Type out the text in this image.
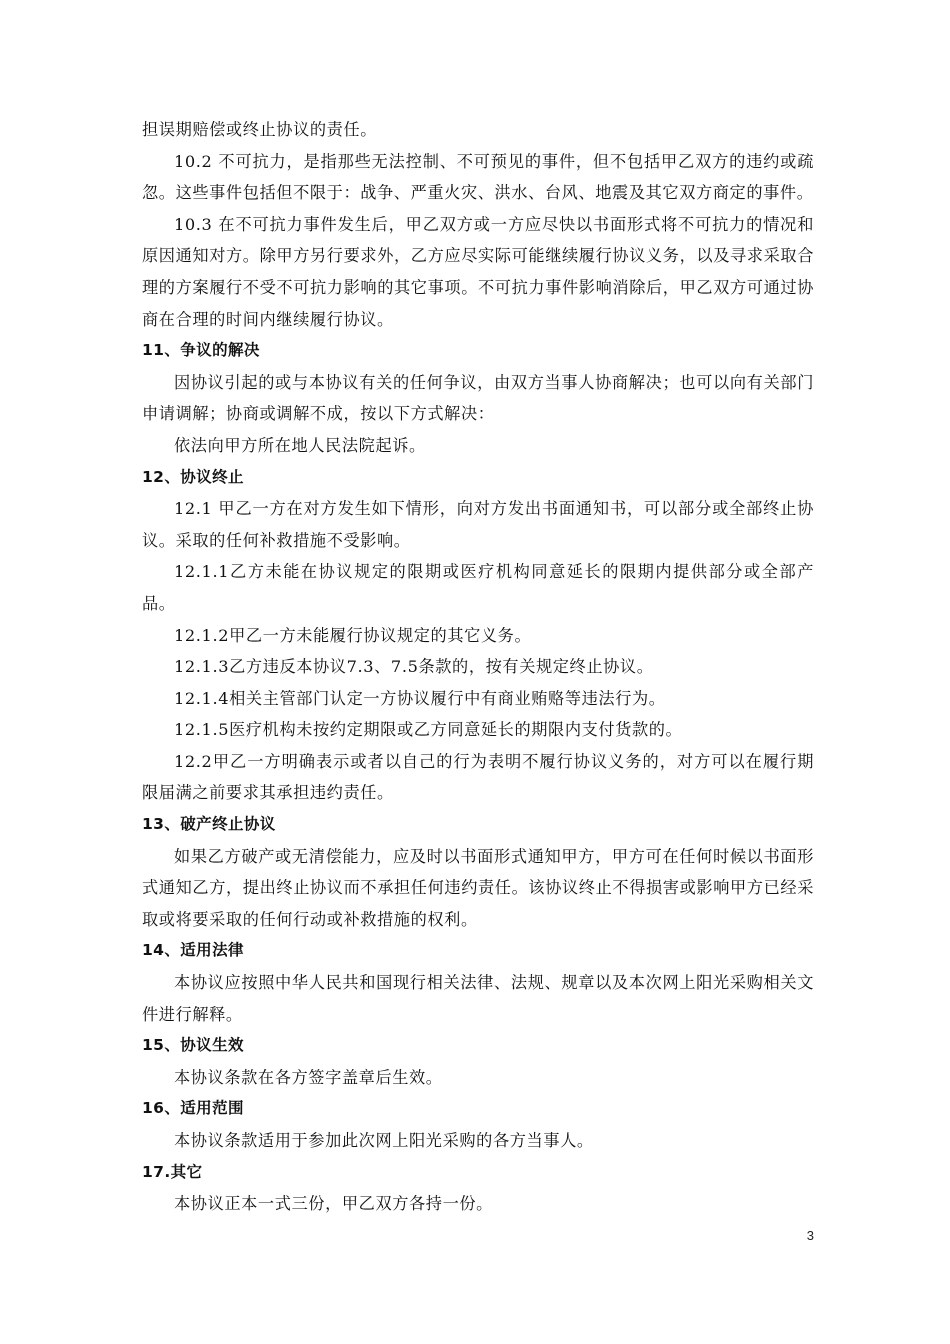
担误期赔偿或终止协议的责任。

10.2 不可抗力，是指那些无法控制、不可预见的事件，但不包括甲乙双方的违约或疏忽。这些事件包括但不限于：战争、严重火灾、洪水、台风、地震及其它双方商定的事件。

10.3 在不可抗力事件发生后，甲乙双方或一方应尽快以书面形式将不可抗力的情况和原因通知对方。除甲方另行要求外，乙方应尽实际可能继续履行协议义务，以及寻求采取合理的方案履行不受不可抗力影响的其它事项。不可抗力事件影响消除后，甲乙双方可通过协商在合理的时间内继续履行协议。

11、争议的解决

因协议引起的或与本协议有关的任何争议，由双方当事人协商解决；也可以向有关部门申请调解；协商或调解不成，按以下方式解决：

依法向甲方所在地人民法院起诉。

12、协议终止

12.1 甲乙一方在对方发生如下情形，向对方发出书面通知书，可以部分或全部终止协议。采取的任何补救措施不受影响。

12.1.1乙方未能在协议规定的限期或医疗机构同意延长的限期内提供部分或全部产品。

12.1.2甲乙一方未能履行协议规定的其它义务。

12.1.3乙方违反本协议7.3、7.5条款的，按有关规定终止协议。

12.1.4相关主管部门认定一方协议履行中有商业贿赂等违法行为。

12.1.5医疗机构未按约定期限或乙方同意延长的期限内支付货款的。

12.2甲乙一方明确表示或者以自己的行为表明不履行协议义务的，对方可以在履行期限届满之前要求其承担违约责任。

13、破产终止协议

如果乙方破产或无清偿能力，应及时以书面形式通知甲方，甲方可在任何时候以书面形式通知乙方，提出终止协议而不承担任何违约责任。该协议终止不得损害或影响甲方已经采取或将要采取的任何行动或补救措施的权利。

14、适用法律

本协议应按照中华人民共和国现行相关法律、法规、规章以及本次网上阳光采购相关文件进行解释。

15、协议生效

本协议条款在各方签字盖章后生效。

16、适用范围

本协议条款适用于参加此次网上阳光采购的各方当事人。

17.其它

本协议正本一式三份，甲乙双方各持一份。

3
